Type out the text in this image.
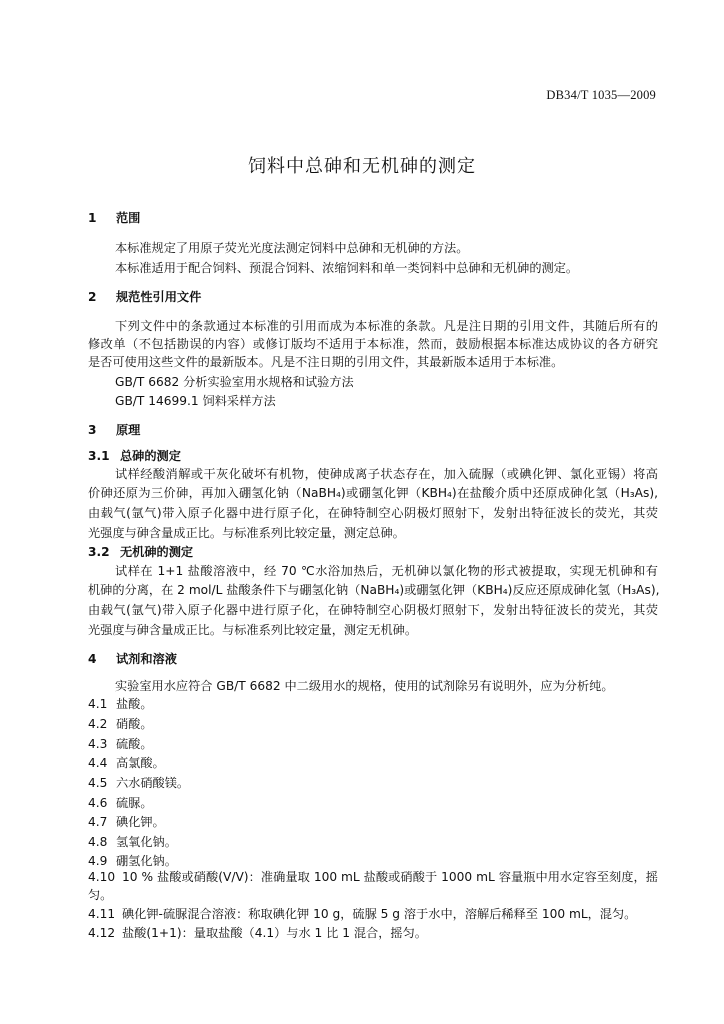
DB34/T 1035—2009
饲料中总砷和无机砷的测定
1 范围
本标准规定了用原子荧光光度法测定饲料中总砷和无机砷的方法。
本标准适用于配合饲料、预混合饲料、浓缩饲料和单一类饲料中总砷和无机砷的测定。
2 规范性引用文件
下列文件中的条款通过本标准的引用而成为本标准的条款。凡是注日期的引用文件，其随后所有的
修改单（不包括勘误的内容）或修订版均不适用于本标准，然而，鼓励根据本标准达成协议的各方研究
是否可使用这些文件的最新版本。凡是不注日期的引用文件，其最新版本适用于本标准。
GB/T 6682 分析实验室用水规格和试验方法
GB/T 14699.1 饲料采样方法
3 原理
3.1 总砷的测定
试样经酸消解或干灰化破坏有机物，使砷成离子状态存在，加入硫脲（或碘化钾、氯化亚锡）将高
价砷还原为三价砷，再加入硼氢化钠（NaBH₄)或硼氢化钾（KBH₄)在盐酸介质中还原成砷化氢（H₃As),
由载气(氩气)带入原子化器中进行原子化，在砷特制空心阴极灯照射下，发射出特征波长的荧光，其荧
光强度与砷含量成正比。与标准系列比较定量，测定总砷。
3.2 无机砷的测定
试样在 1+1 盐酸溶液中，经 70 ℃水浴加热后，无机砷以氯化物的形式被提取，实现无机砷和有
机砷的分离，在 2 mol/L 盐酸条件下与硼氢化钠（NaBH₄)或硼氢化钾（KBH₄)反应还原成砷化氢（H₃As),
由载气(氩气)带入原子化器中进行原子化，在砷特制空心阴极灯照射下，发射出特征波长的荧光，其荧
光强度与砷含量成正比。与标准系列比较定量，测定无机砷。
4 试剂和溶液
实验室用水应符合 GB/T 6682 中二级用水的规格，使用的试剂除另有说明外，应为分析纯。
4.1 盐酸。
4.2 硝酸。
4.3 硫酸。
4.4 高氯酸。
4.5 六水硝酸镁。
4.6 硫脲。
4.7 碘化钾。
4.8 氢氧化钠。
4.9 硼氢化钠。
4.10 10 % 盐酸或硝酸(V/V)：准确量取 100 mL 盐酸或硝酸于 1000 mL 容量瓶中用水定容至刻度，摇
匀。
4.11 碘化钾-硫脲混合溶液：称取碘化钾 10 g，硫脲 5 g 溶于水中，溶解后稀释至 100 mL，混匀。
4.12 盐酸(1+1)：量取盐酸（4.1）与水 1 比 1 混合，摇匀。
